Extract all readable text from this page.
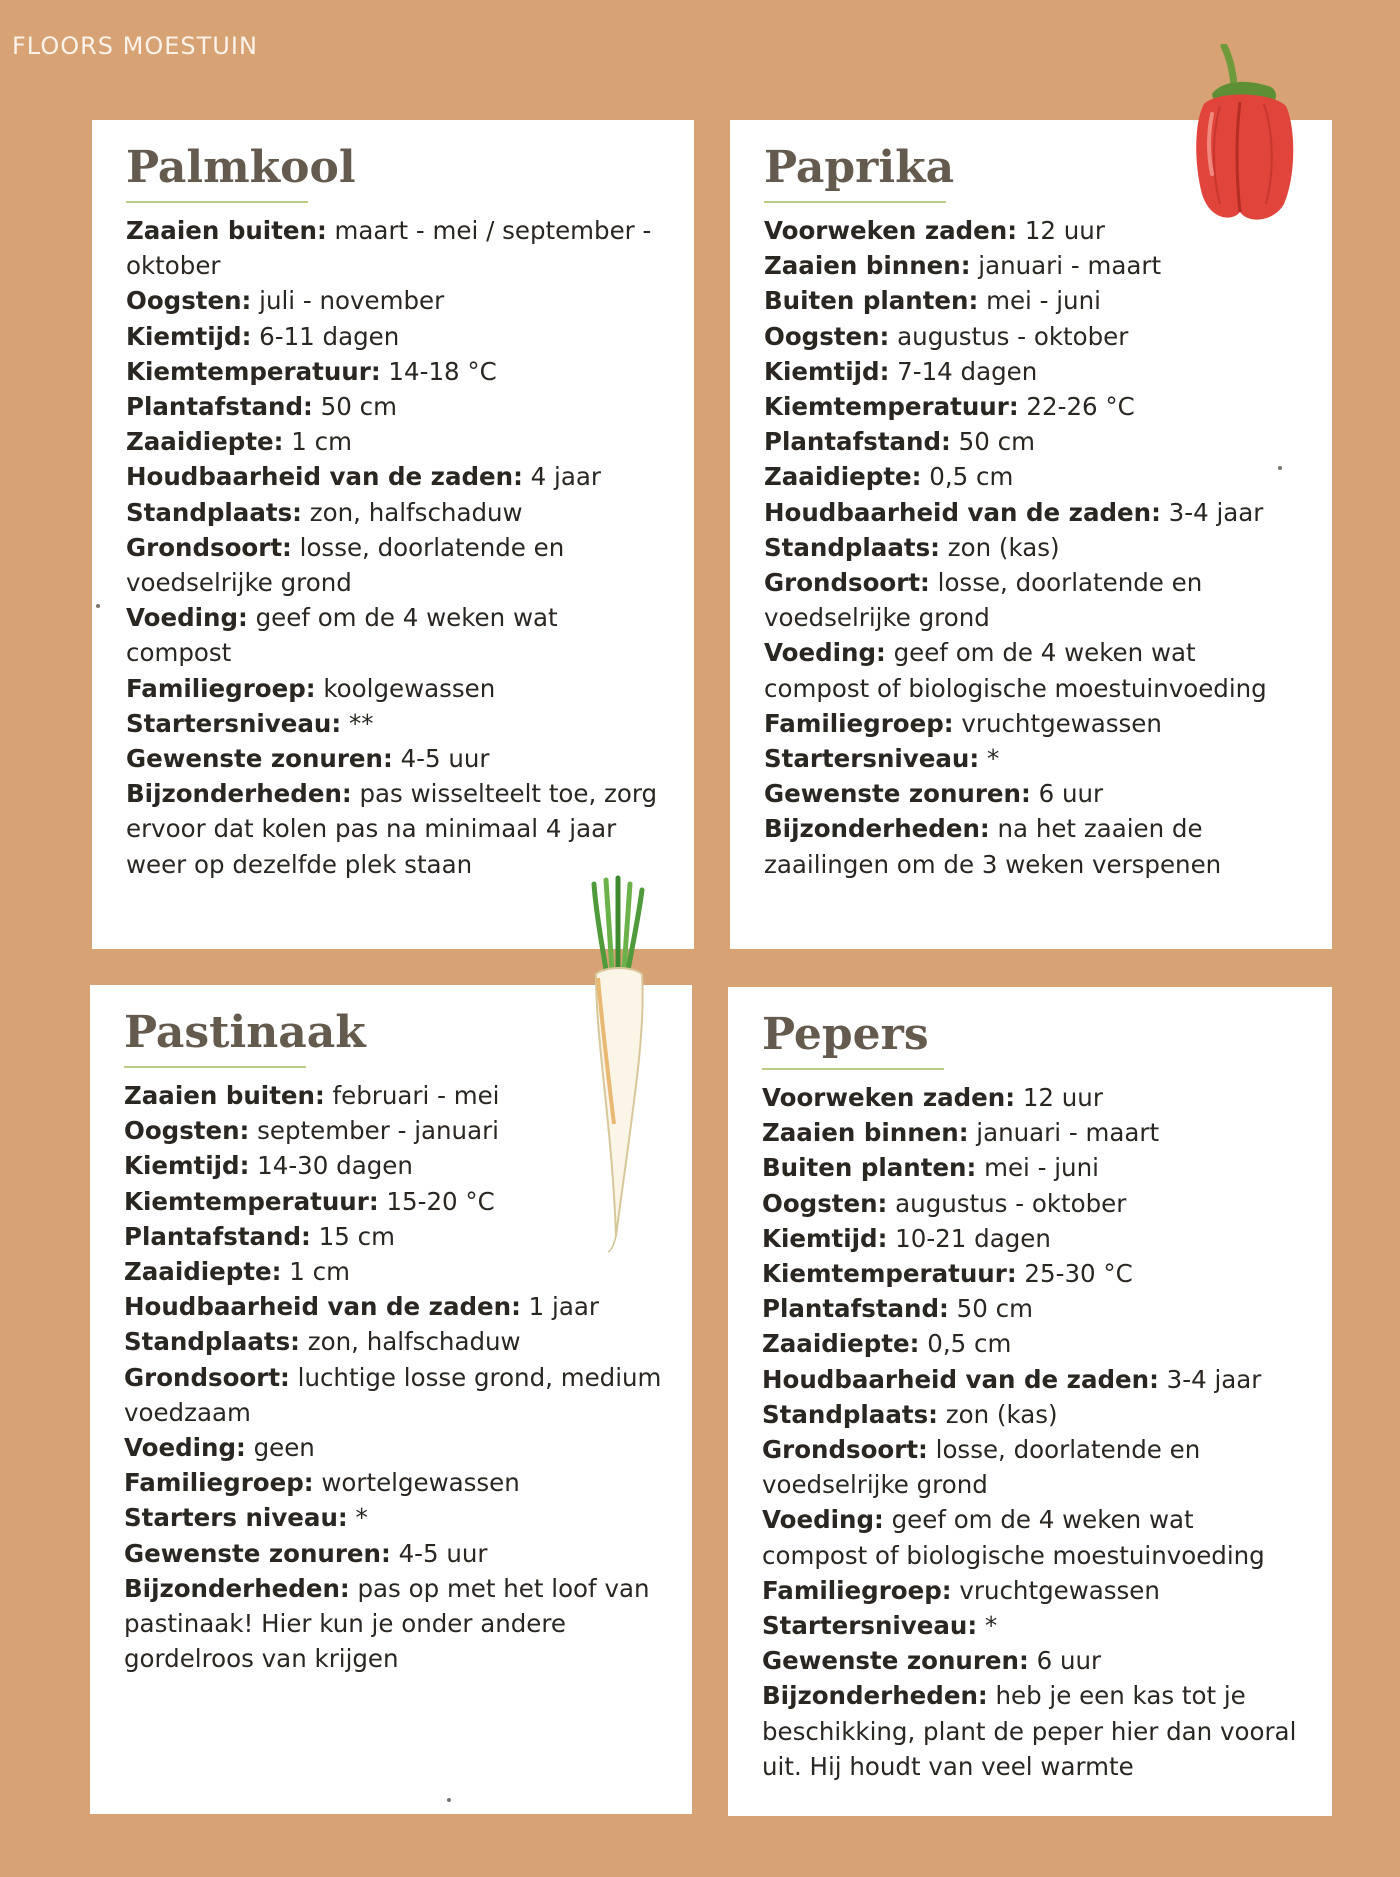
FLOORS MOESTUIN
Palmkool

Zaaien buiten: maart - mei / september - oktober

Oogsten: juli - november

Kiemtijd: 6-11 dagen

Kiemtemperatuur: 14-18 °C

Plantafstand: 50 cm

Zaaidiepte: 1 cm

Houdbaarheid van de zaden: 4 jaar

Standplaats: zon, halfschaduw

Grondsoort: losse, doorlatende en voedselrijke grond

Voeding: geef om de 4 weken wat compost

Familiegroep: koolgewassen

Startersniveau: **

Gewenste zonuren: 4-5 uur

Bijzonderheden: pas wisselteelt toe, zorg ervoor dat kolen pas na minimaal 4 jaar weer op dezelfde plek staan

Paprika

Voorweken zaden: 12 uur

Zaaien binnen: januari - maart

Buiten planten: mei - juni

Oogsten: augustus - oktober

Kiemtijd: 7-14 dagen

Kiemtemperatuur: 22-26 °C

Plantafstand: 50 cm

Zaaidiepte: 0,5 cm

Houdbaarheid van de zaden: 3-4 jaar

Standplaats: zon (kas)

Grondsoort: losse, doorlatende en voedselrijke grond

Voeding: geef om de 4 weken wat compost of biologische moestuinvoeding

Familiegroep: vruchtgewassen

Startersniveau: *

Gewenste zonuren: 6 uur

Bijzonderheden: na het zaaien de zaailingen om de 3 weken verspenen

Pastinaak

Zaaien buiten: februari - mei

Oogsten: september - januari

Kiemtijd: 14-30 dagen

Kiemtemperatuur: 15-20 °C

Plantafstand: 15 cm

Zaaidiepte: 1 cm

Houdbaarheid van de zaden: 1 jaar

Standplaats: zon, halfschaduw

Grondsoort: luchtige losse grond, medium voedzaam

Voeding: geen

Familiegroep: wortelgewassen

Starters niveau: *

Gewenste zonuren: 4-5 uur

Bijzonderheden: pas op met het loof van pastinaak! Hier kun je onder andere gordelroos van krijgen

Pepers

Voorweken zaden: 12 uur

Zaaien binnen: januari - maart

Buiten planten: mei - juni

Oogsten: augustus - oktober

Kiemtijd: 10-21 dagen

Kiemtemperatuur: 25-30 °C

Plantafstand: 50 cm

Zaaidiepte: 0,5 cm

Houdbaarheid van de zaden: 3-4 jaar

Standplaats: zon (kas)

Grondsoort: losse, doorlatende en voedselrijke grond

Voeding: geef om de 4 weken wat compost of biologische moestuinvoeding

Familiegroep: vruchtgewassen

Startersniveau: *

Gewenste zonuren: 6 uur

Bijzonderheden: heb je een kas tot je beschikking, plant de peper hier dan vooral uit. Hij houdt van veel warmte
